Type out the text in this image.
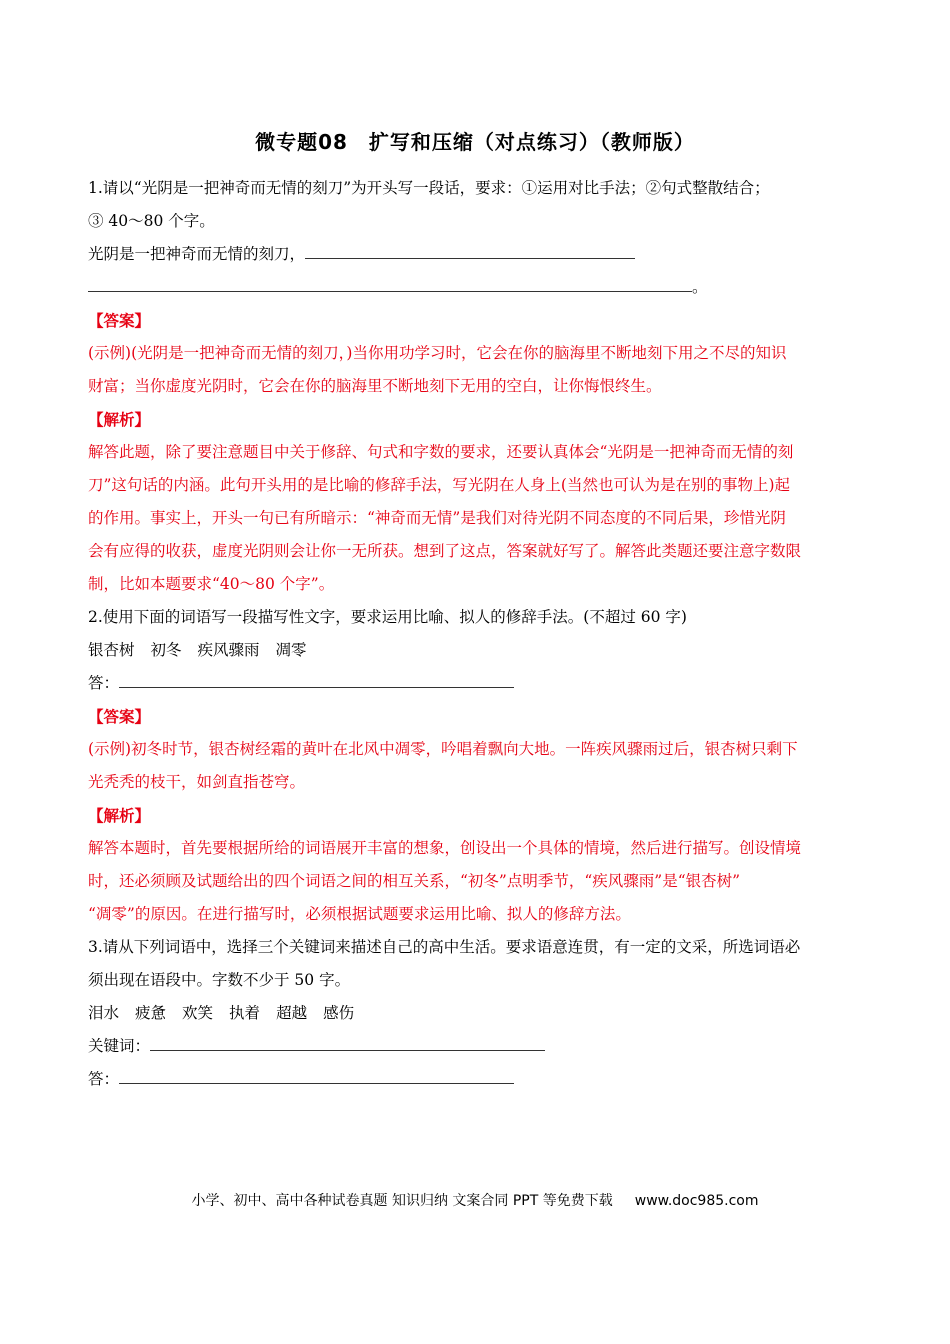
微专题08　扩写和压缩（对点练习）（教师版）
1.请以“光阴是一把神奇而无情的刻刀”为开头写一段话，要求：①运用对比手法；②句式整散结合；
③ 40～80 个字。
光阴是一把神奇而无情的刻刀，
。
【答案】
(示例)(光阴是一把神奇而无情的刻刀，)当你用功学习时，它会在你的脑海里不断地刻下用之不尽的知识
财富；当你虚度光阴时，它会在你的脑海里不断地刻下无用的空白，让你悔恨终生。
【解析】
解答此题，除了要注意题目中关于修辞、句式和字数的要求，还要认真体会“光阴是一把神奇而无情的刻
刀”这句话的内涵。此句开头用的是比喻的修辞手法，写光阴在人身上(当然也可认为是在别的事物上)起
的作用。事实上，开头一句已有所暗示：“神奇而无情”是我们对待光阴不同态度的不同后果，珍惜光阴
会有应得的收获，虚度光阴则会让你一无所获。想到了这点，答案就好写了。解答此类题还要注意字数限
制，比如本题要求“40～80 个字”。
2.使用下面的词语写一段描写性文字，要求运用比喻、拟人的修辞手法。(不超过 60 字)
银杏树 初冬 疾风骤雨 凋零
答：
【答案】
(示例)初冬时节，银杏树经霜的黄叶在北风中凋零，吟唱着飘向大地。一阵疾风骤雨过后，银杏树只剩下
光秃秃的枝干，如剑直指苍穹。
【解析】
解答本题时，首先要根据所给的词语展开丰富的想象，创设出一个具体的情境，然后进行描写。创设情境
时，还必须顾及试题给出的四个词语之间的相互关系，“初冬”点明季节，“疾风骤雨”是“银杏树”
“凋零”的原因。在进行描写时，必须根据试题要求运用比喻、拟人的修辞方法。
3.请从下列词语中，选择三个关键词来描述自己的高中生活。要求语意连贯，有一定的文采，所选词语必
须出现在语段中。字数不少于 50 字。
泪水 疲惫 欢笑 执着 超越 感伤
关键词：
答：
小学、初中、高中各种试卷真题 知识归纳 文案合同 PPT 等免费下载 www.doc985.com
